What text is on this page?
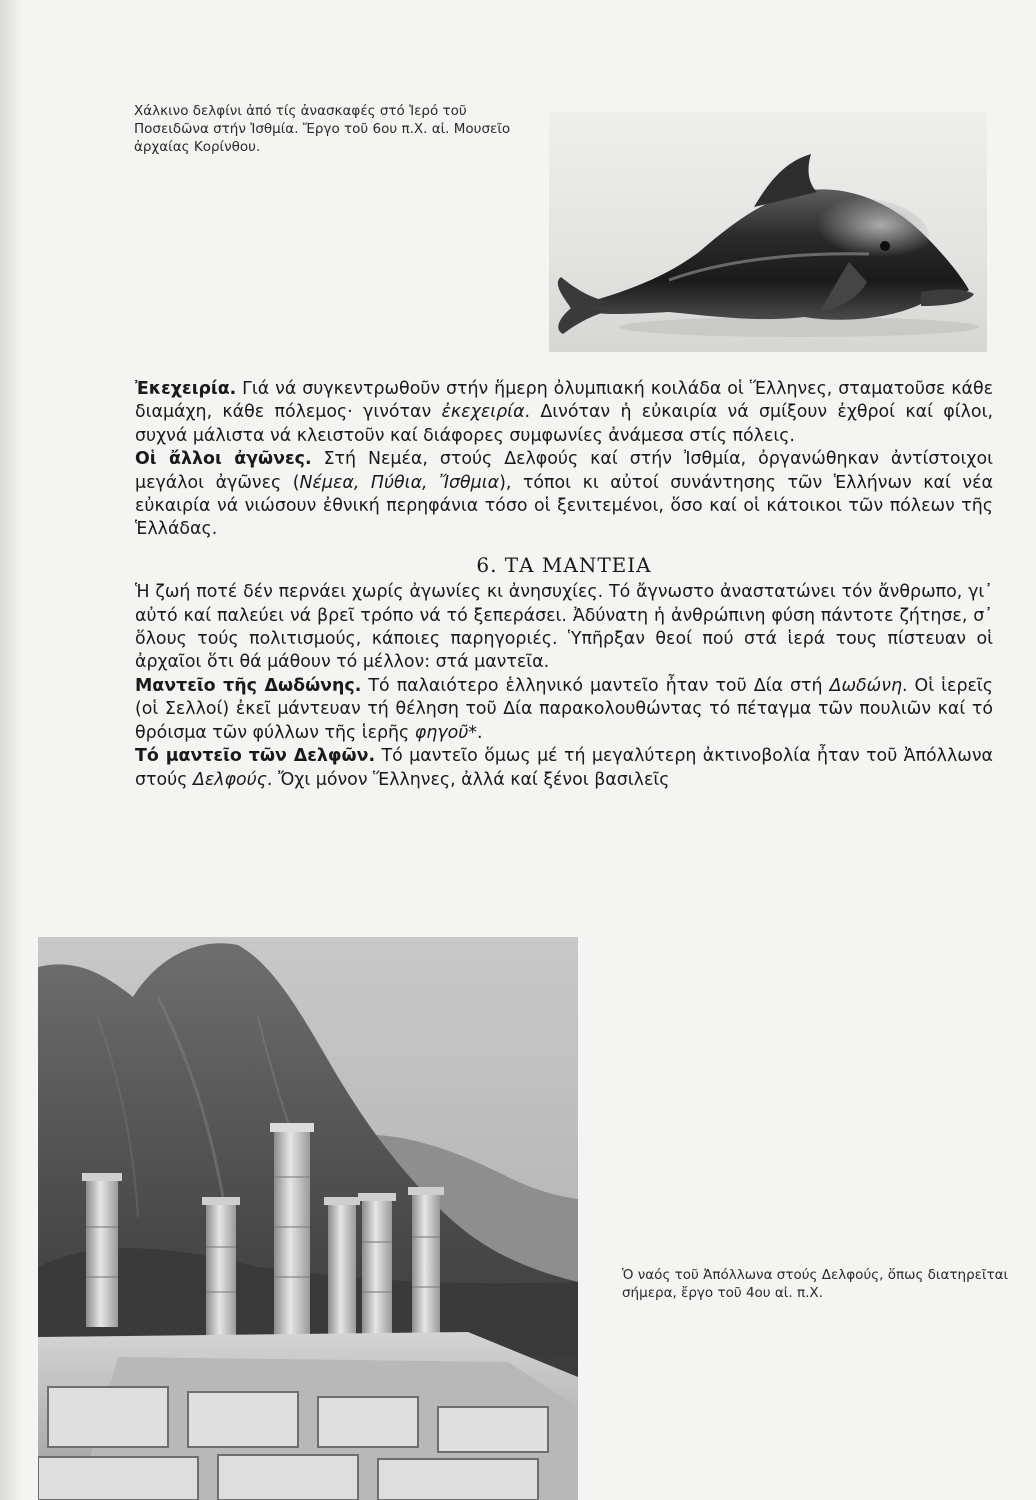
Χάλκινο δελφίνι ἀπό τίς ἀνασκαφές στό Ἱερό τοῦ Ποσειδῶνα στήν Ἰσθμία. Ἔργο τοῦ 6ου π.Χ. αἰ. Μουσεῖο ἀρχαίας Κορίνθου.

Ἐκεχειρία. Γιά νά συγκεντρωθοῦν στήν ἥμερη ὀλυμπιακή κοιλάδα οἱ Ἕλληνες, σταματοῦσε κάθε διαμάχη, κάθε πόλεμος· γινόταν ἐκεχειρία. Δινόταν ἡ εὐκαιρία νά σμίξουν ἐχθροί καί φίλοι, συχνά μάλιστα νά κλειστοῦν καί διάφορες συμφωνίες ἀνάμεσα στίς πόλεις.

Οἱ ἄλλοι ἀγῶνες. Στή Νεμέα, στούς Δελφούς καί στήν Ἰσθμία, ὀργανώθηκαν ἀντίστοιχοι μεγάλοι ἀγῶνες (Νέμεα, Πύθια, Ἴσθμια), τόποι κι αὐτοί συνάντησης τῶν Ἑλλήνων καί νέα εὐκαιρία νά νιώσουν ἐθνική περηφάνια τόσο οἱ ξενιτεμένοι, ὅσο καί οἱ κάτοικοι τῶν πόλεων τῆς Ἑλλάδας.

6. ΤΑ ΜΑΝΤΕΙΑ

Ἡ ζωή ποτέ δέν περνάει χωρίς ἀγωνίες κι ἀνησυχίες. Τό ἄγνωστο ἀναστατώνει τόν ἄνθρωπο, γι᾽ αὐτό καί παλεύει νά βρεῖ τρόπο νά τό ξεπεράσει. Ἀδύνατη ἡ ἀνθρώπινη φύση πάντοτε ζήτησε, σ᾽ ὅλους τούς πολιτισμούς, κάποιες παρηγοριές. Ὑπῆρξαν θεοί πού στά ἱερά τους πίστευαν οἱ ἀρχαῖοι ὅτι θά μάθουν τό μέλλον: στά μαντεῖα.

Μαντεῖο τῆς Δωδώνης. Τό παλαιότερο ἑλληνικό μαντεῖο ἦταν τοῦ Δία στή Δωδώνη. Οἱ ἱερεῖς (οἱ Σελλοί) ἐκεῖ μάντευαν τή θέληση τοῦ Δία παρακολουθώντας τό πέταγμα τῶν πουλιῶν καί τό θρόισμα τῶν φύλλων τῆς ἱερῆς φηγοῦ*.

Τό μαντεῖο τῶν Δελφῶν. Τό μαντεῖο ὅμως μέ τή μεγαλύτερη ἀκτινοβολία ἦταν τοῦ Ἀπόλλωνα στούς Δελφούς. Ὄχι μόνον Ἕλληνες, ἀλλά καί ξένοι βασιλεῖς

Ὁ ναός τοῦ Ἀπόλλωνα στούς Δελφούς, ὅπως διατηρεῖται σήμερα, ἔργο τοῦ 4ου αἰ. π.Χ.
